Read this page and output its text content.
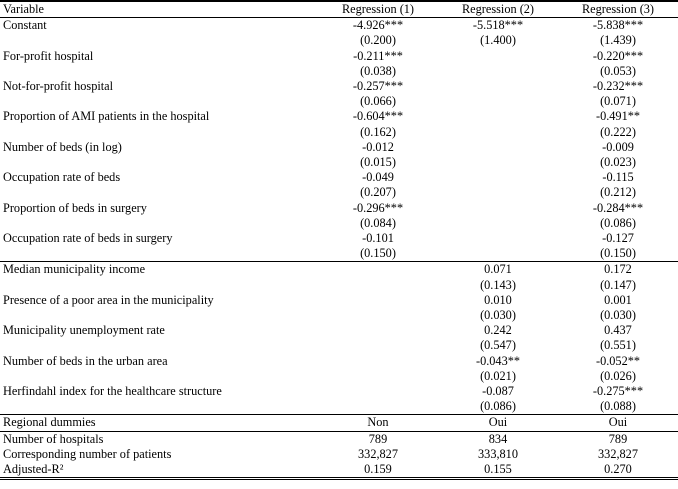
Variable	Regression (1)	Regression (2)	Regression (3)
Constant	-4.926***	-5.518***	-5.838***
	(0.200)	(1.400)	(1.439)
For-profit hospital	-0.211***		-0.220***
	(0.038)		(0.053)
Not-for-profit hospital	-0.257***		-0.232***
	(0.066)		(0.071)
Proportion of AMI patients in the hospital	-0.604***		-0.491**
	(0.162)		(0.222)
Number of beds (in log)	-0.012		-0.009
	(0.015)		(0.023)
Occupation rate of beds	-0.049		-0.115
	(0.207)		(0.212)
Proportion of beds in surgery	-0.296***		-0.284***
	(0.084)		(0.086)
Occupation rate of beds in surgery	-0.101		-0.127
	(0.150)		(0.150)
Median municipality income		0.071	0.172
		(0.143)	(0.147)
Presence of a poor area in the municipality		0.010	0.001
		(0.030)	(0.030)
Municipality unemployment rate		0.242	0.437
		(0.547)	(0.551)
Number of beds in the urban area		-0.043**	-0.052**
		(0.021)	(0.026)
Herfindahl index for the healthcare structure		-0.087	-0.275***
		(0.086)	(0.088)
Regional dummies	Non	Oui	Oui
Number of hospitals	789	834	789
Corresponding number of patients	332,827	333,810	332,827
Adjusted-R²	0.159	0.155	0.270
